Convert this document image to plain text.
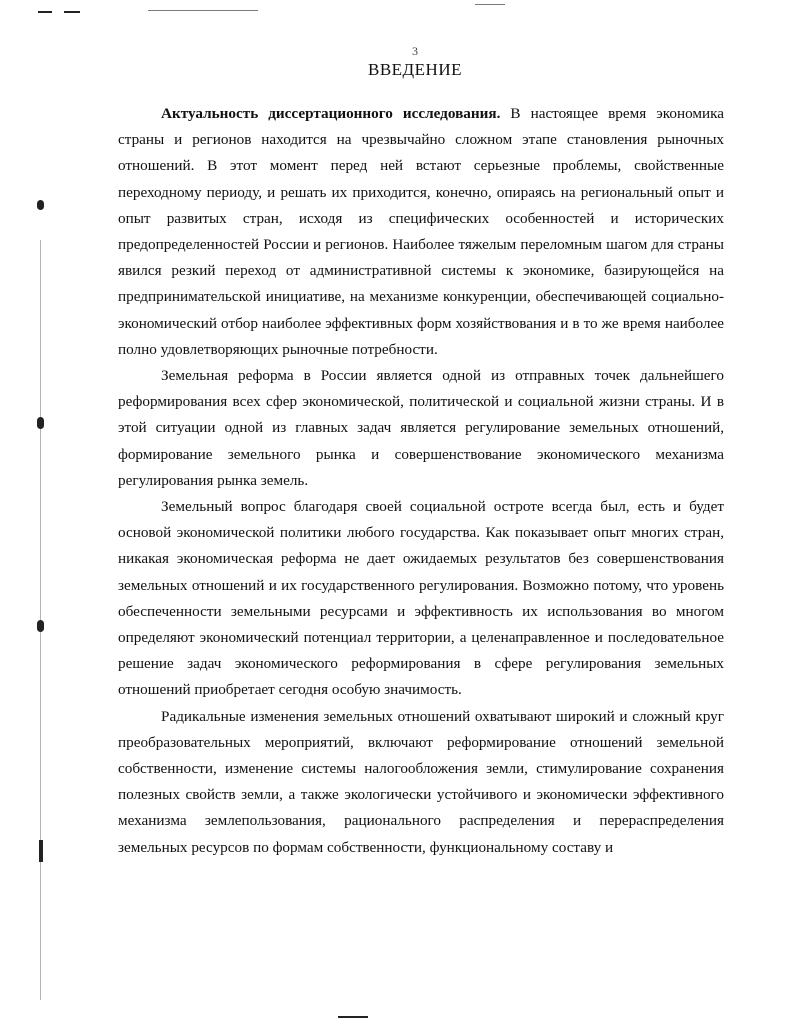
3
ВВЕДЕНИЕ

Актуальность диссертационного исследования. В настоящее время экономика страны и регионов находится на чрезвычайно сложном этапе становления рыночных отношений. В этот момент перед ней встают серьезные проблемы, свойственные переходному периоду, и решать их приходится, конечно, опираясь на региональный опыт и опыт развитых стран, исходя из специфических особенностей и исторических предопределенностей России и регионов. Наиболее тяжелым переломным шагом для страны явился резкий переход от административной системы к экономике, базирующейся на предпринимательской инициативе, на механизме конкуренции, обеспечивающей социально-экономический отбор наиболее эффективных форм хозяйствования и в то же время наиболее полно удовлетворяющих рыночные потребности.

Земельная реформа в России является одной из отправных точек дальнейшего реформирования всех сфер экономической, политической и социальной жизни страны. И в этой ситуации одной из главных задач является регулирование земельных отношений, формирование земельного рынка и совершенствование экономического механизма регулирования рынка земель.

Земельный вопрос благодаря своей социальной остроте всегда был, есть и будет основой экономической политики любого государства. Как показывает опыт многих стран, никакая экономическая реформа не дает ожидаемых результатов без совершенствования земельных отношений и их государственного регулирования. Возможно потому, что уровень обеспеченности земельными ресурсами и эффективность их использования во многом определяют экономический потенциал территории, а целенаправленное и последовательное решение задач экономического реформирования в сфере регулирования земельных отношений приобретает сегодня особую значимость.

Радикальные изменения земельных отношений охватывают широкий и сложный круг преобразовательных мероприятий, включают реформирование отношений земельной собственности, изменение системы налогообложения земли, стимулирование сохранения полезных свойств земли, а также экологически устойчивого и экономически эффективного механизма землепользования, рационального распределения и перераспределения земельных ресурсов по формам собственности, функциональному составу и
